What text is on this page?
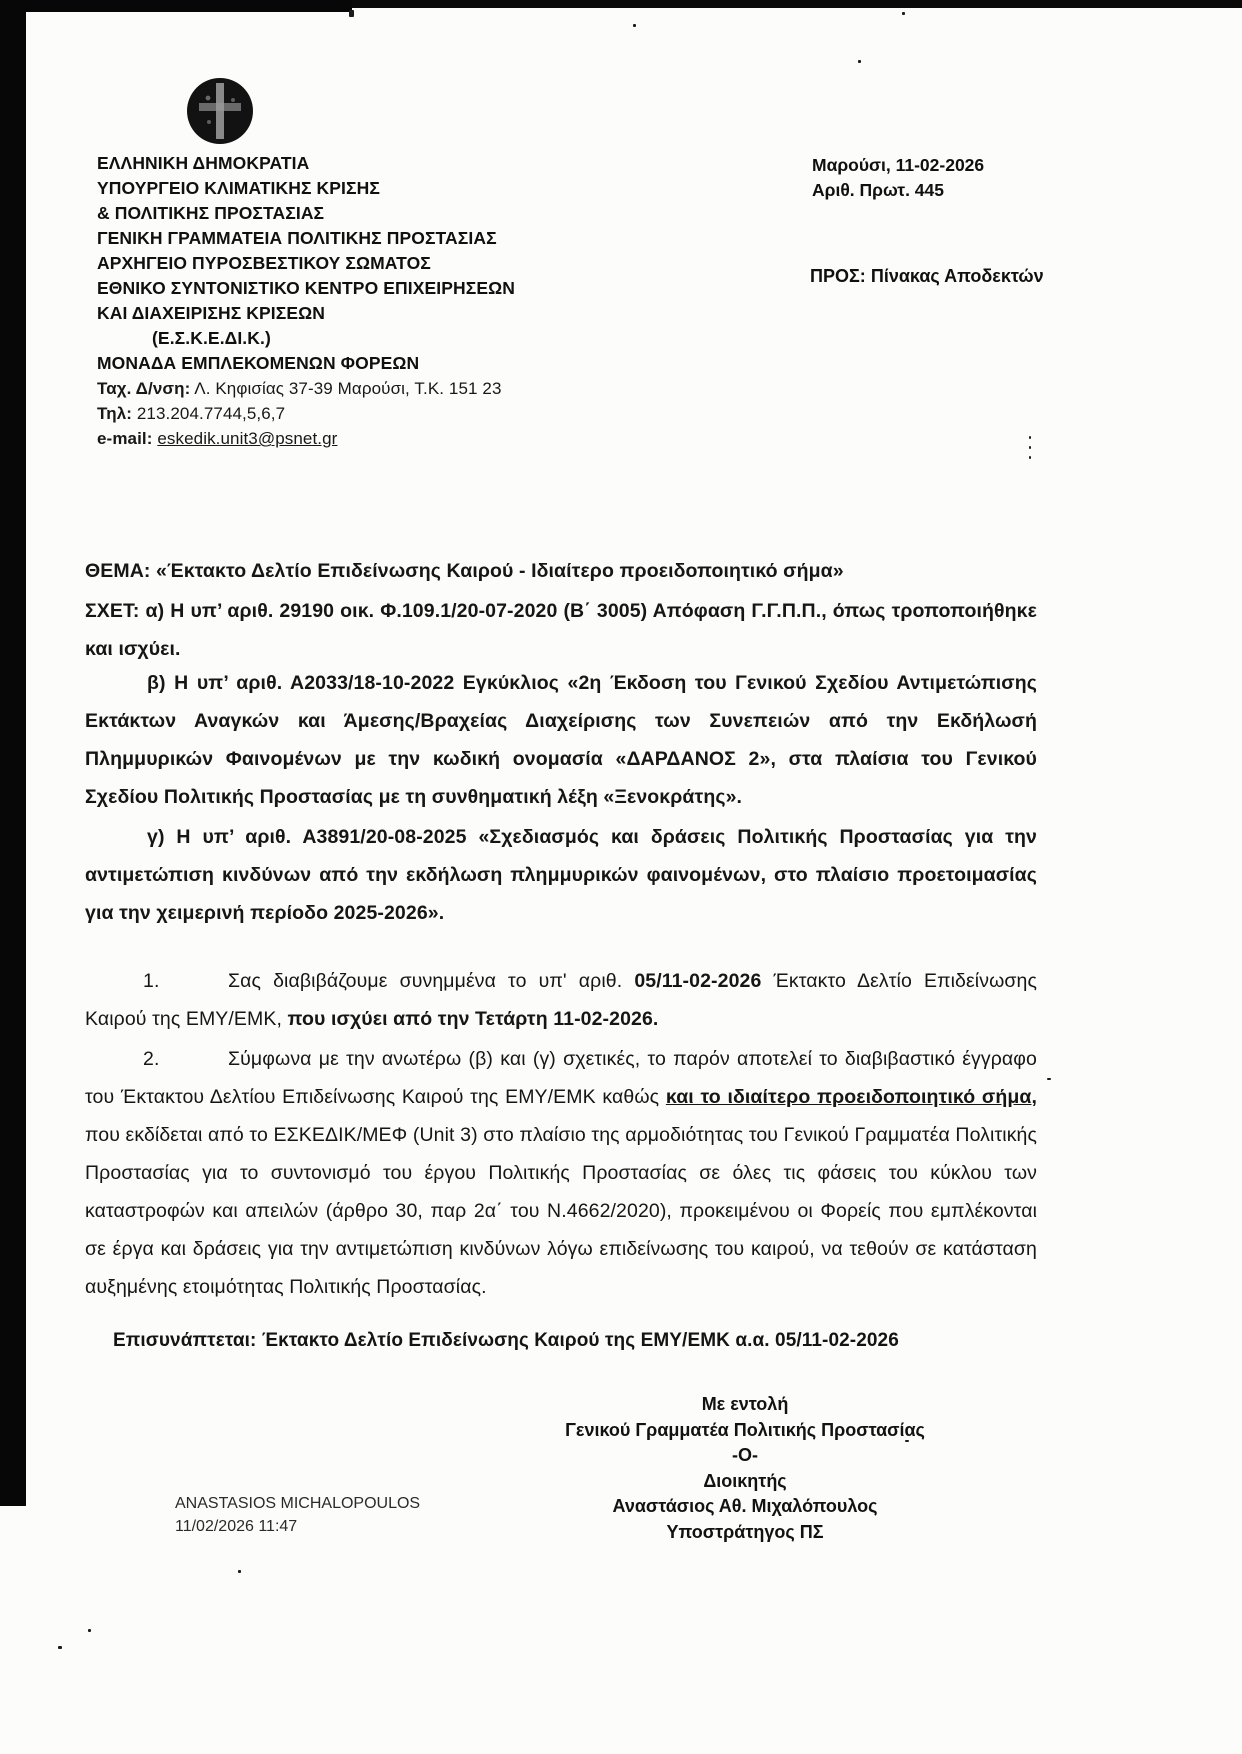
ΕΛΛΗΝΙΚΗ ΔΗΜΟΚΡΑΤΙΑ
ΥΠΟΥΡΓΕΙΟ ΚΛΙΜΑΤΙΚΗΣ ΚΡΙΣΗΣ
& ΠΟΛΙΤΙΚΗΣ ΠΡΟΣΤΑΣΙΑΣ
ΓΕΝΙΚΗ ΓΡΑΜΜΑΤΕΙΑ ΠΟΛΙΤΙΚΗΣ ΠΡΟΣΤΑΣΙΑΣ
ΑΡΧΗΓΕΙΟ ΠΥΡΟΣΒΕΣΤΙΚΟΥ ΣΩΜΑΤΟΣ
ΕΘΝΙΚΟ ΣΥΝΤΟΝΙΣΤΙΚΟ ΚΕΝΤΡΟ ΕΠΙΧΕΙΡΗΣΕΩΝ
ΚΑΙ ΔΙΑΧΕΙΡΙΣΗΣ ΚΡΙΣΕΩΝ
(Ε.Σ.Κ.Ε.ΔΙ.Κ.)
ΜΟΝΑΔΑ ΕΜΠΛΕΚΟΜΕΝΩΝ ΦΟΡΕΩΝ
Ταχ. Δ/νση: Λ. Κηφισίας 37-39 Μαρούσι, Τ.Κ. 151 23
Τηλ: 213.204.7744,5,6,7
e-mail: eskedik.unit3@psnet.gr
Μαρούσι, 11-02-2026
Αριθ. Πρωτ. 445
ΠΡΟΣ: Πίνακας Αποδεκτών
ΘΕΜΑ: «Έκτακτο Δελτίο Επιδείνωσης Καιρού - Ιδιαίτερο προειδοποιητικό σήμα»
ΣΧΕΤ: α) Η υπ’ αριθ. 29190 οικ. Φ.109.1/20-07-2020 (Β΄ 3005) Απόφαση Γ.Γ.Π.Π., όπως τροποποιήθηκε και ισχύει.
β) Η υπ’ αριθ. Α2033/18-10-2022 Εγκύκλιος «2η Έκδοση του Γενικού Σχεδίου Αντιμετώπισης Εκτάκτων Αναγκών και Άμεσης/Βραχείας Διαχείρισης των Συνεπειών από την Εκδήλωσή Πλημμυρικών Φαινομένων με την κωδική ονομασία «ΔΑΡΔΑΝΟΣ 2», στα πλαίσια του Γενικού Σχεδίου Πολιτικής Προστασίας με τη συνθηματική λέξη «Ξενοκράτης».
γ) Η υπ’ αριθ. Α3891/20-08-2025 «Σχεδιασμός και δράσεις Πολιτικής Προστασίας για την αντιμετώπιση κινδύνων από την εκδήλωση πλημμυρικών φαινομένων, στο πλαίσιο προετοιμασίας για την χειμερινή περίοδο 2025-2026».
1.	Σας διαβιβάζουμε συνημμένα το υπ' αριθ. 05/11-02-2026 Έκτακτο Δελτίο Επιδείνωσης Καιρού της ΕΜΥ/ΕΜΚ, που ισχύει από την Τετάρτη 11-02-2026.
2.	Σύμφωνα με την ανωτέρω (β) και (γ) σχετικές, το παρόν αποτελεί το διαβιβαστικό έγγραφο του Έκτακτου Δελτίου Επιδείνωσης Καιρού της ΕΜΥ/ΕΜΚ καθώς και το ιδιαίτερο προειδοποιητικό σήμα, που εκδίδεται από το ΕΣΚΕΔΙΚ/ΜΕΦ (Unit 3) στο πλαίσιο της αρμοδιότητας του Γενικού Γραμματέα Πολιτικής Προστασίας για το συντονισμό του έργου Πολιτικής Προστασίας σε όλες τις φάσεις του κύκλου των καταστροφών και απειλών (άρθρο 30, παρ 2α΄ του Ν.4662/2020), προκειμένου οι Φορείς που εμπλέκονται σε έργα και δράσεις για την αντιμετώπιση κινδύνων λόγω επιδείνωσης του καιρού, να τεθούν σε κατάσταση αυξημένης ετοιμότητας Πολιτικής Προστασίας.
Επισυνάπτεται: Έκτακτο Δελτίο Επιδείνωσης Καιρού της ΕΜΥ/ΕΜΚ α.α. 05/11-02-2026
Με εντολή
Γενικού Γραμματέα Πολιτικής Προστασίας
-Ο-
Διοικητής
Αναστάσιος Αθ. Μιχαλόπουλος
Υποστράτηγος ΠΣ
ANASTASIOS MICHALOPOULOS
11/02/2026 11:47
